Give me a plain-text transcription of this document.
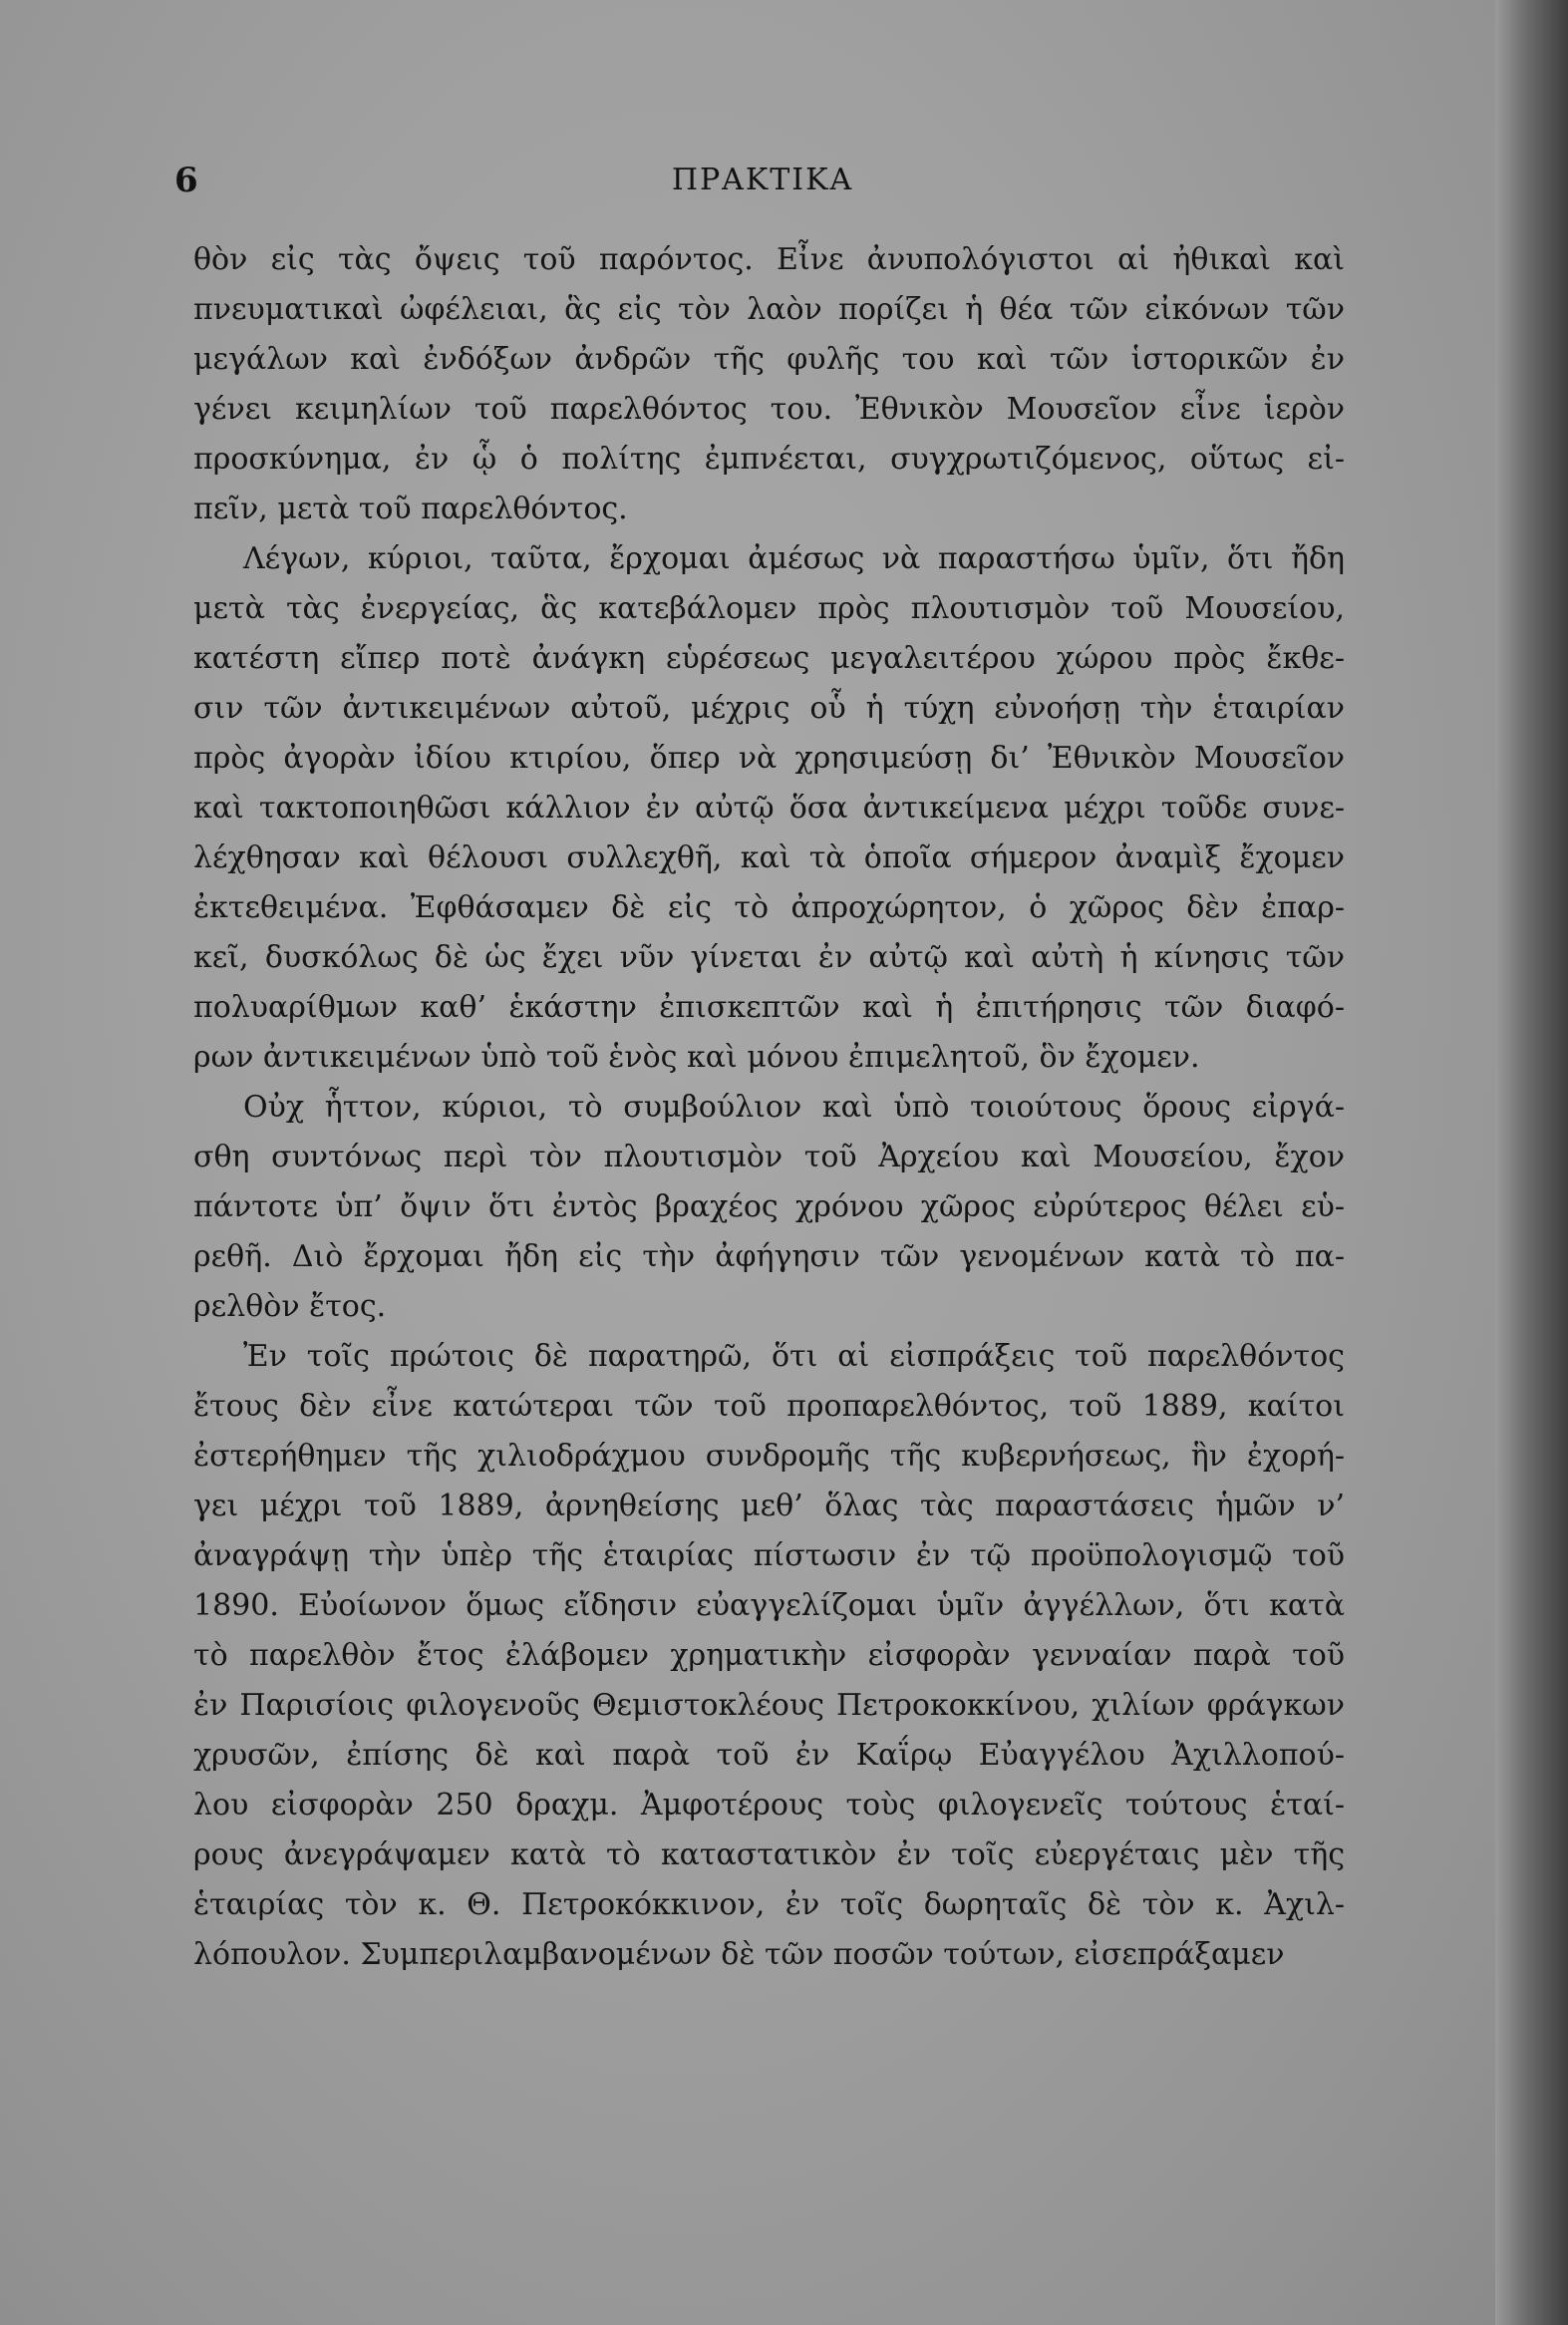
6	ΠΡΑΚΤΙΚΑ
θὸν εἰς τὰς ὄψεις τοῦ παρόντος. Εἶνε ἀνυπολόγιστοι αἱ ἠθικαὶ καὶ
πνευματικαὶ ὠφέλειαι, ἃς εἰς τὸν λαὸν πορίζει ἡ θέα τῶν εἰκόνων τῶν
μεγάλων καὶ ἐνδόξων ἀνδρῶν τῆς φυλῆς του καὶ τῶν ἱστορικῶν ἐν
γένει κειμηλίων τοῦ παρελθόντος του. Ἐθνικὸν Μουσεῖον εἶνε ἱερὸν
προσκύνημα, ἐν ᾧ ὁ πολίτης ἐμπνέεται, συγχρωτιζόμενος, οὕτως εἰ-
πεῖν, μετὰ τοῦ παρελθόντος.
Λέγων, κύριοι, ταῦτα, ἔρχομαι ἀμέσως νὰ παραστήσω ὑμῖν, ὅτι ἤδη
μετὰ τὰς ἐνεργείας, ἃς κατεβάλομεν πρὸς πλουτισμὸν τοῦ Μουσείου,
κατέστη εἴπερ ποτὲ ἀνάγκη εὑρέσεως μεγαλειτέρου χώρου πρὸς ἔκθε-
σιν τῶν ἀντικειμένων αὐτοῦ, μέχρις οὗ ἡ τύχη εὐνοήσῃ τὴν ἑταιρίαν
πρὸς ἀγορὰν ἰδίου κτιρίου, ὅπερ νὰ χρησιμεύσῃ δι’ Ἐθνικὸν Μουσεῖον
καὶ τακτοποιηθῶσι κάλλιον ἐν αὐτῷ ὅσα ἀντικείμενα μέχρι τοῦδε συνε-
λέχθησαν καὶ θέλουσι συλλεχθῆ, καὶ τὰ ὁποῖα σήμερον ἀναμὶξ ἔχομεν
ἐκτεθειμένα. Ἐφθάσαμεν δὲ εἰς τὸ ἀπροχώρητον, ὁ χῶρος δὲν ἐπαρ-
κεῖ, δυσκόλως δὲ ὡς ἔχει νῦν γίνεται ἐν αὐτῷ καὶ αὐτὴ ἡ κίνησις τῶν
πολυαρίθμων καθ’ ἑκάστην ἐπισκεπτῶν καὶ ἡ ἐπιτήρησις τῶν διαφό-
ρων ἀντικειμένων ὑπὸ τοῦ ἑνὸς καὶ μόνου ἐπιμελητοῦ, ὃν ἔχομεν.
Οὐχ ἧττον, κύριοι, τὸ συμβούλιον καὶ ὑπὸ τοιούτους ὅρους εἰργά-
σθη συντόνως περὶ τὸν πλουτισμὸν τοῦ Ἀρχείου καὶ Μουσείου, ἔχον
πάντοτε ὑπ’ ὄψιν ὅτι ἐντὸς βραχέος χρόνου χῶρος εὐρύτερος θέλει εὑ-
ρεθῆ. Διὸ ἔρχομαι ἤδη εἰς τὴν ἀφήγησιν τῶν γενομένων κατὰ τὸ πα-
ρελθὸν ἔτος.
Ἐν τοῖς πρώτοις δὲ παρατηρῶ, ὅτι αἱ εἰσπράξεις τοῦ παρελθόντος
ἔτους δὲν εἶνε κατώτεραι τῶν τοῦ προπαρελθόντος, τοῦ 1889, καίτοι
ἐστερήθημεν τῆς χιλιοδράχμου συνδρομῆς τῆς κυβερνήσεως, ἣν ἐχορή-
γει μέχρι τοῦ 1889, ἀρνηθείσης μεθ’ ὅλας τὰς παραστάσεις ἡμῶν ν’
ἀναγράψῃ τὴν ὑπὲρ τῆς ἑταιρίας πίστωσιν ἐν τῷ προϋπολογισμῷ τοῦ
1890. Εὐοίωνον ὅμως εἴδησιν εὐαγγελίζομαι ὑμῖν ἀγγέλλων, ὅτι κατὰ
τὸ παρελθὸν ἔτος ἐλάβομεν χρηματικὴν εἰσφορὰν γενναίαν παρὰ τοῦ
ἐν Παρισίοις φιλογενοῦς Θεμιστοκλέους Πετροκοκκίνου, χιλίων φράγκων
χρυσῶν, ἐπίσης δὲ καὶ παρὰ τοῦ ἐν Καΐρῳ Εὐαγγέλου Ἀχιλλοπού-
λου εἰσφορὰν 250 δραχμ. Ἀμφοτέρους τοὺς φιλογενεῖς τούτους ἑταί-
ρους ἀνεγράψαμεν κατὰ τὸ καταστατικὸν ἐν τοῖς εὐεργέταις μὲν τῆς
ἑταιρίας τὸν κ. Θ. Πετροκόκκινον, ἐν τοῖς δωρηταῖς δὲ τὸν κ. Ἀχιλ-
λόπουλον. Συμπεριλαμβανομένων δὲ τῶν ποσῶν τούτων, εἰσεπράξαμεν
